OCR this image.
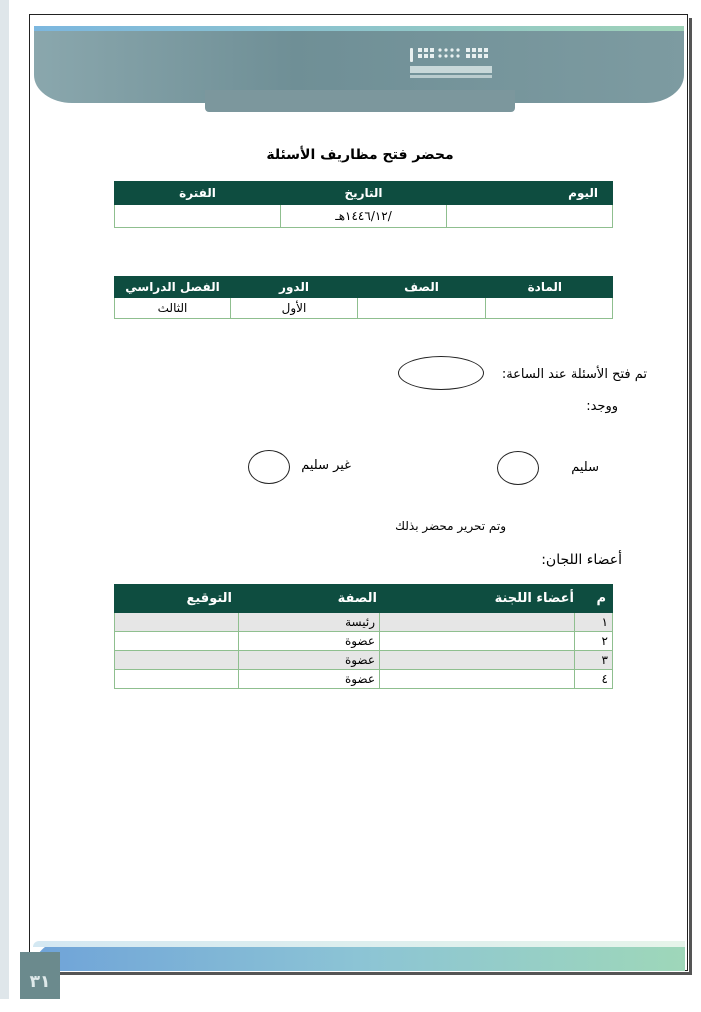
محضر فتح مظاريف الأسئلة
اليوم	التاريخ	الفترة
	/١٤٤٦/١٢هـ	
المادة	الصف	الدور	الفصل الدراسي
		الأول	الثالث
تم فتح الأسئلة عند الساعة:
ووجد:
سليم
غير سليم
وتم تحرير محضر بذلك
أعضاء اللجان:
م	أعضاء اللجنة	الصفة	التوقيع
١		رئيسة	
٢		عضوة	
٣		عضوة	
٤		عضوة	
٣١
